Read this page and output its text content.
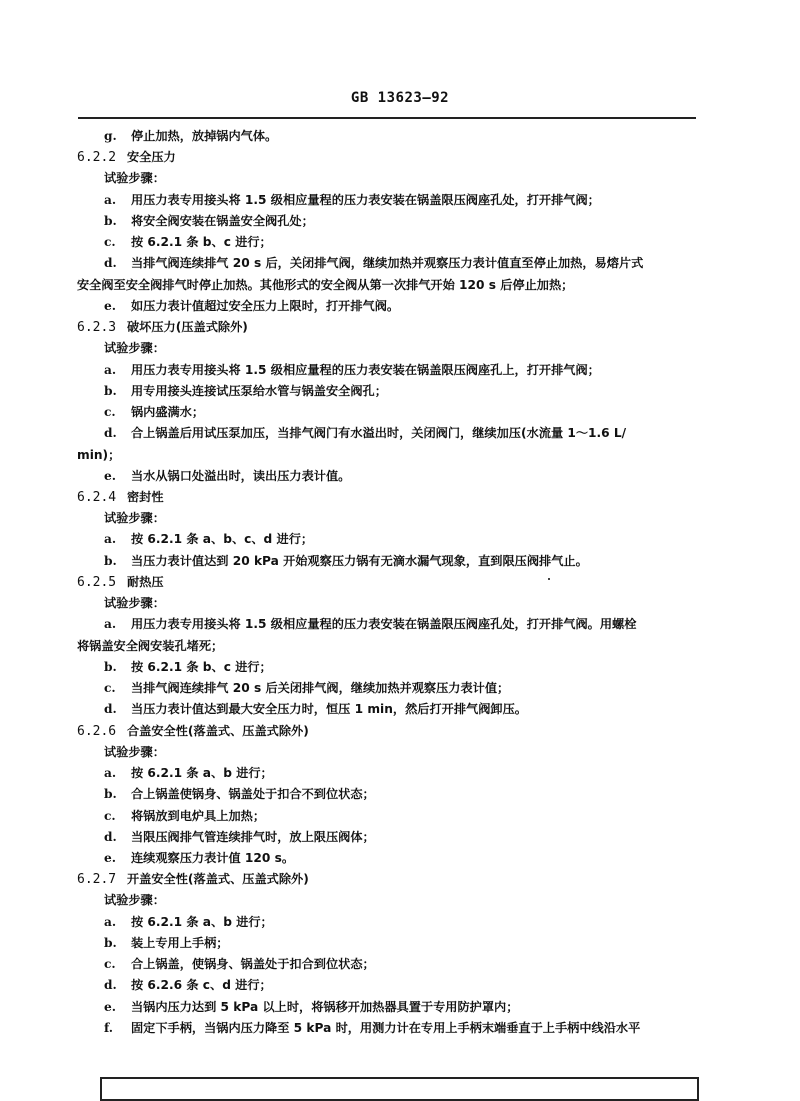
GB 13623—92
g. 停止加热，放掉锅内气体。
6.2.2 安全压力
试验步骤：
a. 用压力表专用接头将 1.5 级相应量程的压力表安装在锅盖限压阀座孔处，打开排气阀；
b. 将安全阀安装在锅盖安全阀孔处；
c. 按 6.2.1 条 b、c 进行；
d. 当排气阀连续排气 20 s 后，关闭排气阀，继续加热并观察压力表计值直至停止加热，易熔片式
安全阀至安全阀排气时停止加热。其他形式的安全阀从第一次排气开始 120 s 后停止加热；
e. 如压力表计值超过安全压力上限时，打开排气阀。
6.2.3 破坏压力(压盖式除外)
试验步骤：
a. 用压力表专用接头将 1.5 级相应量程的压力表安装在锅盖限压阀座孔上，打开排气阀；
b. 用专用接头连接试压泵给水管与锅盖安全阀孔；
c. 锅内盛满水；
d. 合上锅盖后用试压泵加压，当排气阀门有水溢出时，关闭阀门，继续加压(水流量 1～1.6 L/
min)；
e. 当水从锅口处溢出时，读出压力表计值。
6.2.4 密封性
试验步骤：
a. 按 6.2.1 条 a、b、c、d 进行；
b. 当压力表计值达到 20 kPa 开始观察压力锅有无滴水漏气现象，直到限压阀排气止。
6.2.5 耐热压
试验步骤：
a. 用压力表专用接头将 1.5 级相应量程的压力表安装在锅盖限压阀座孔处，打开排气阀。用螺栓
将锅盖安全阀安装孔堵死；
b. 按 6.2.1 条 b、c 进行；
c. 当排气阀连续排气 20 s 后关闭排气阀，继续加热并观察压力表计值；
d. 当压力表计值达到最大安全压力时，恒压 1 min，然后打开排气阀卸压。
6.2.6 合盖安全性(落盖式、压盖式除外)
试验步骤：
a. 按 6.2.1 条 a、b 进行；
b. 合上锅盖使锅身、锅盖处于扣合不到位状态；
c. 将锅放到电炉具上加热；
d. 当限压阀排气管连续排气时，放上限压阀体；
e. 连续观察压力表计值 120 s。
6.2.7 开盖安全性(落盖式、压盖式除外)
试验步骤：
a. 按 6.2.1 条 a、b 进行；
b. 装上专用上手柄；
c. 合上锅盖，使锅身、锅盖处于扣合到位状态；
d. 按 6.2.6 条 c、d 进行；
e. 当锅内压力达到 5 kPa 以上时，将锅移开加热器具置于专用防护罩内；
f. 固定下手柄，当锅内压力降至 5 kPa 时，用测力计在专用上手柄末端垂直于上手柄中线沿水平
